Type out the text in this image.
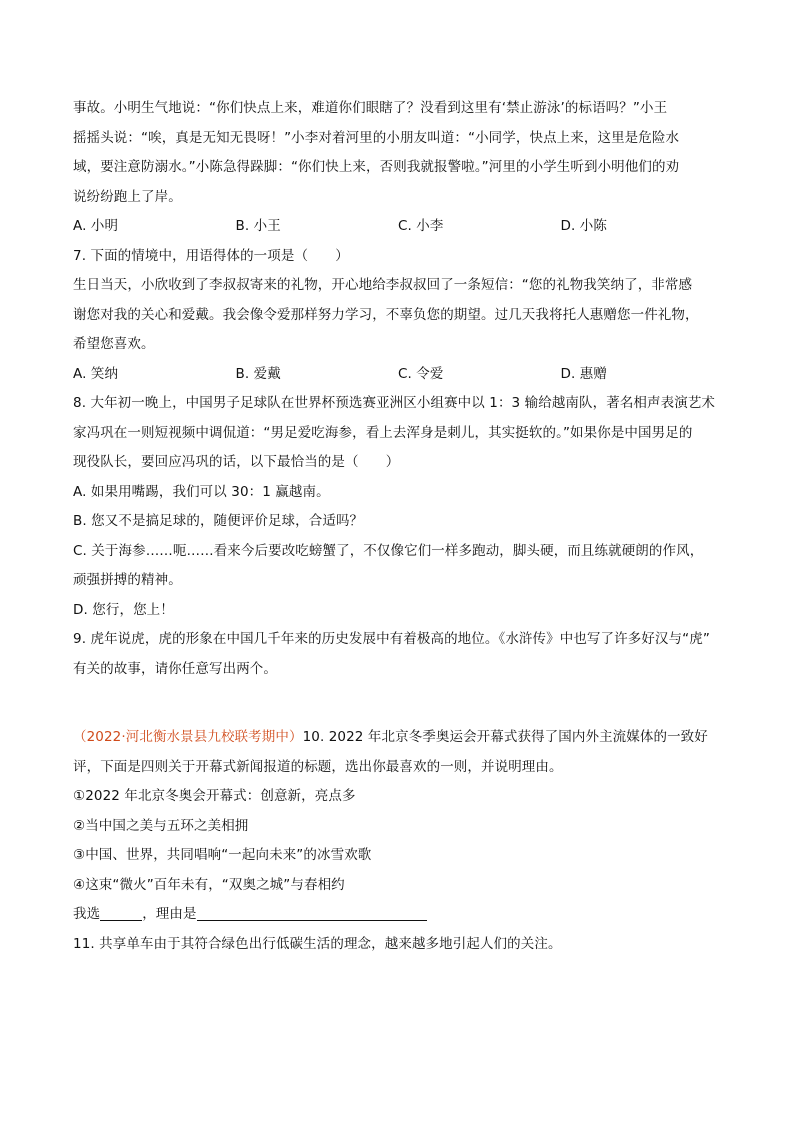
事故。小明生气地说：“你们快点上来，难道你们眼瞎了？没看到这里有‘禁止游泳’的标语吗？”小王

摇摇头说：“唉，真是无知无畏呀！”小李对着河里的小朋友叫道：“小同学，快点上来，这里是危险水

域，要注意防溺水。”小陈急得跺脚：“你们快上来，否则我就报警啦。”河里的小学生听到小明他们的劝

说纷纷跑上了岸。

A. 小明	B. 小王	C. 小李	D. 小陈

7. 下面的情境中，用语得体的一项是（　　）

生日当天，小欣收到了李叔叔寄来的礼物，开心地给李叔叔回了一条短信：“您的礼物我笑纳了，非常感

谢您对我的关心和爱戴。我会像令爱那样努力学习，不辜负您的期望。过几天我将托人惠赠您一件礼物，

希望您喜欢。

A. 笑纳	B. 爱戴	C. 令爱	D. 惠赠

8. 大年初一晚上，中国男子足球队在世界杯预选赛亚洲区小组赛中以 1：3 输给越南队，著名相声表演艺术

家冯巩在一则短视频中调侃道：“男足爱吃海参，看上去浑身是刺儿，其实挺软的。”如果你是中国男足的

现役队长，要回应冯巩的话，以下最恰当的是（　　）

A. 如果用嘴踢，我们可以 30：1 赢越南。

B. 您又不是搞足球的，随便评价足球，合适吗？

C. 关于海参……呃……看来今后要改吃螃蟹了，不仅像它们一样多跑动，脚头硬，而且练就硬朗的作风，

顽强拼搏的精神。

D. 您行，您上！

9. 虎年说虎，虎的形象在中国几千年来的历史发展中有着极高的地位。《水浒传》中也写了许多好汉与“虎”

有关的故事，请你任意写出两个。

（2022·河北衡水景县九校联考期中）10. 2022 年北京冬季奥运会开幕式获得了国内外主流媒体的一致好

评，下面是四则关于开幕式新闻报道的标题，选出你最喜欢的一则，并说明理由。

①2022 年北京冬奥会开幕式：创意新，亮点多

②当中国之美与五环之美相拥

③中国、世界，共同唱响“一起向未来”的冰雪欢歌

④这束“微火”百年未有，“双奥之城”与春相约

我选	，理由是

11. 共享单车由于其符合绿色出行低碳生活的理念，越来越多地引起人们的关注。
